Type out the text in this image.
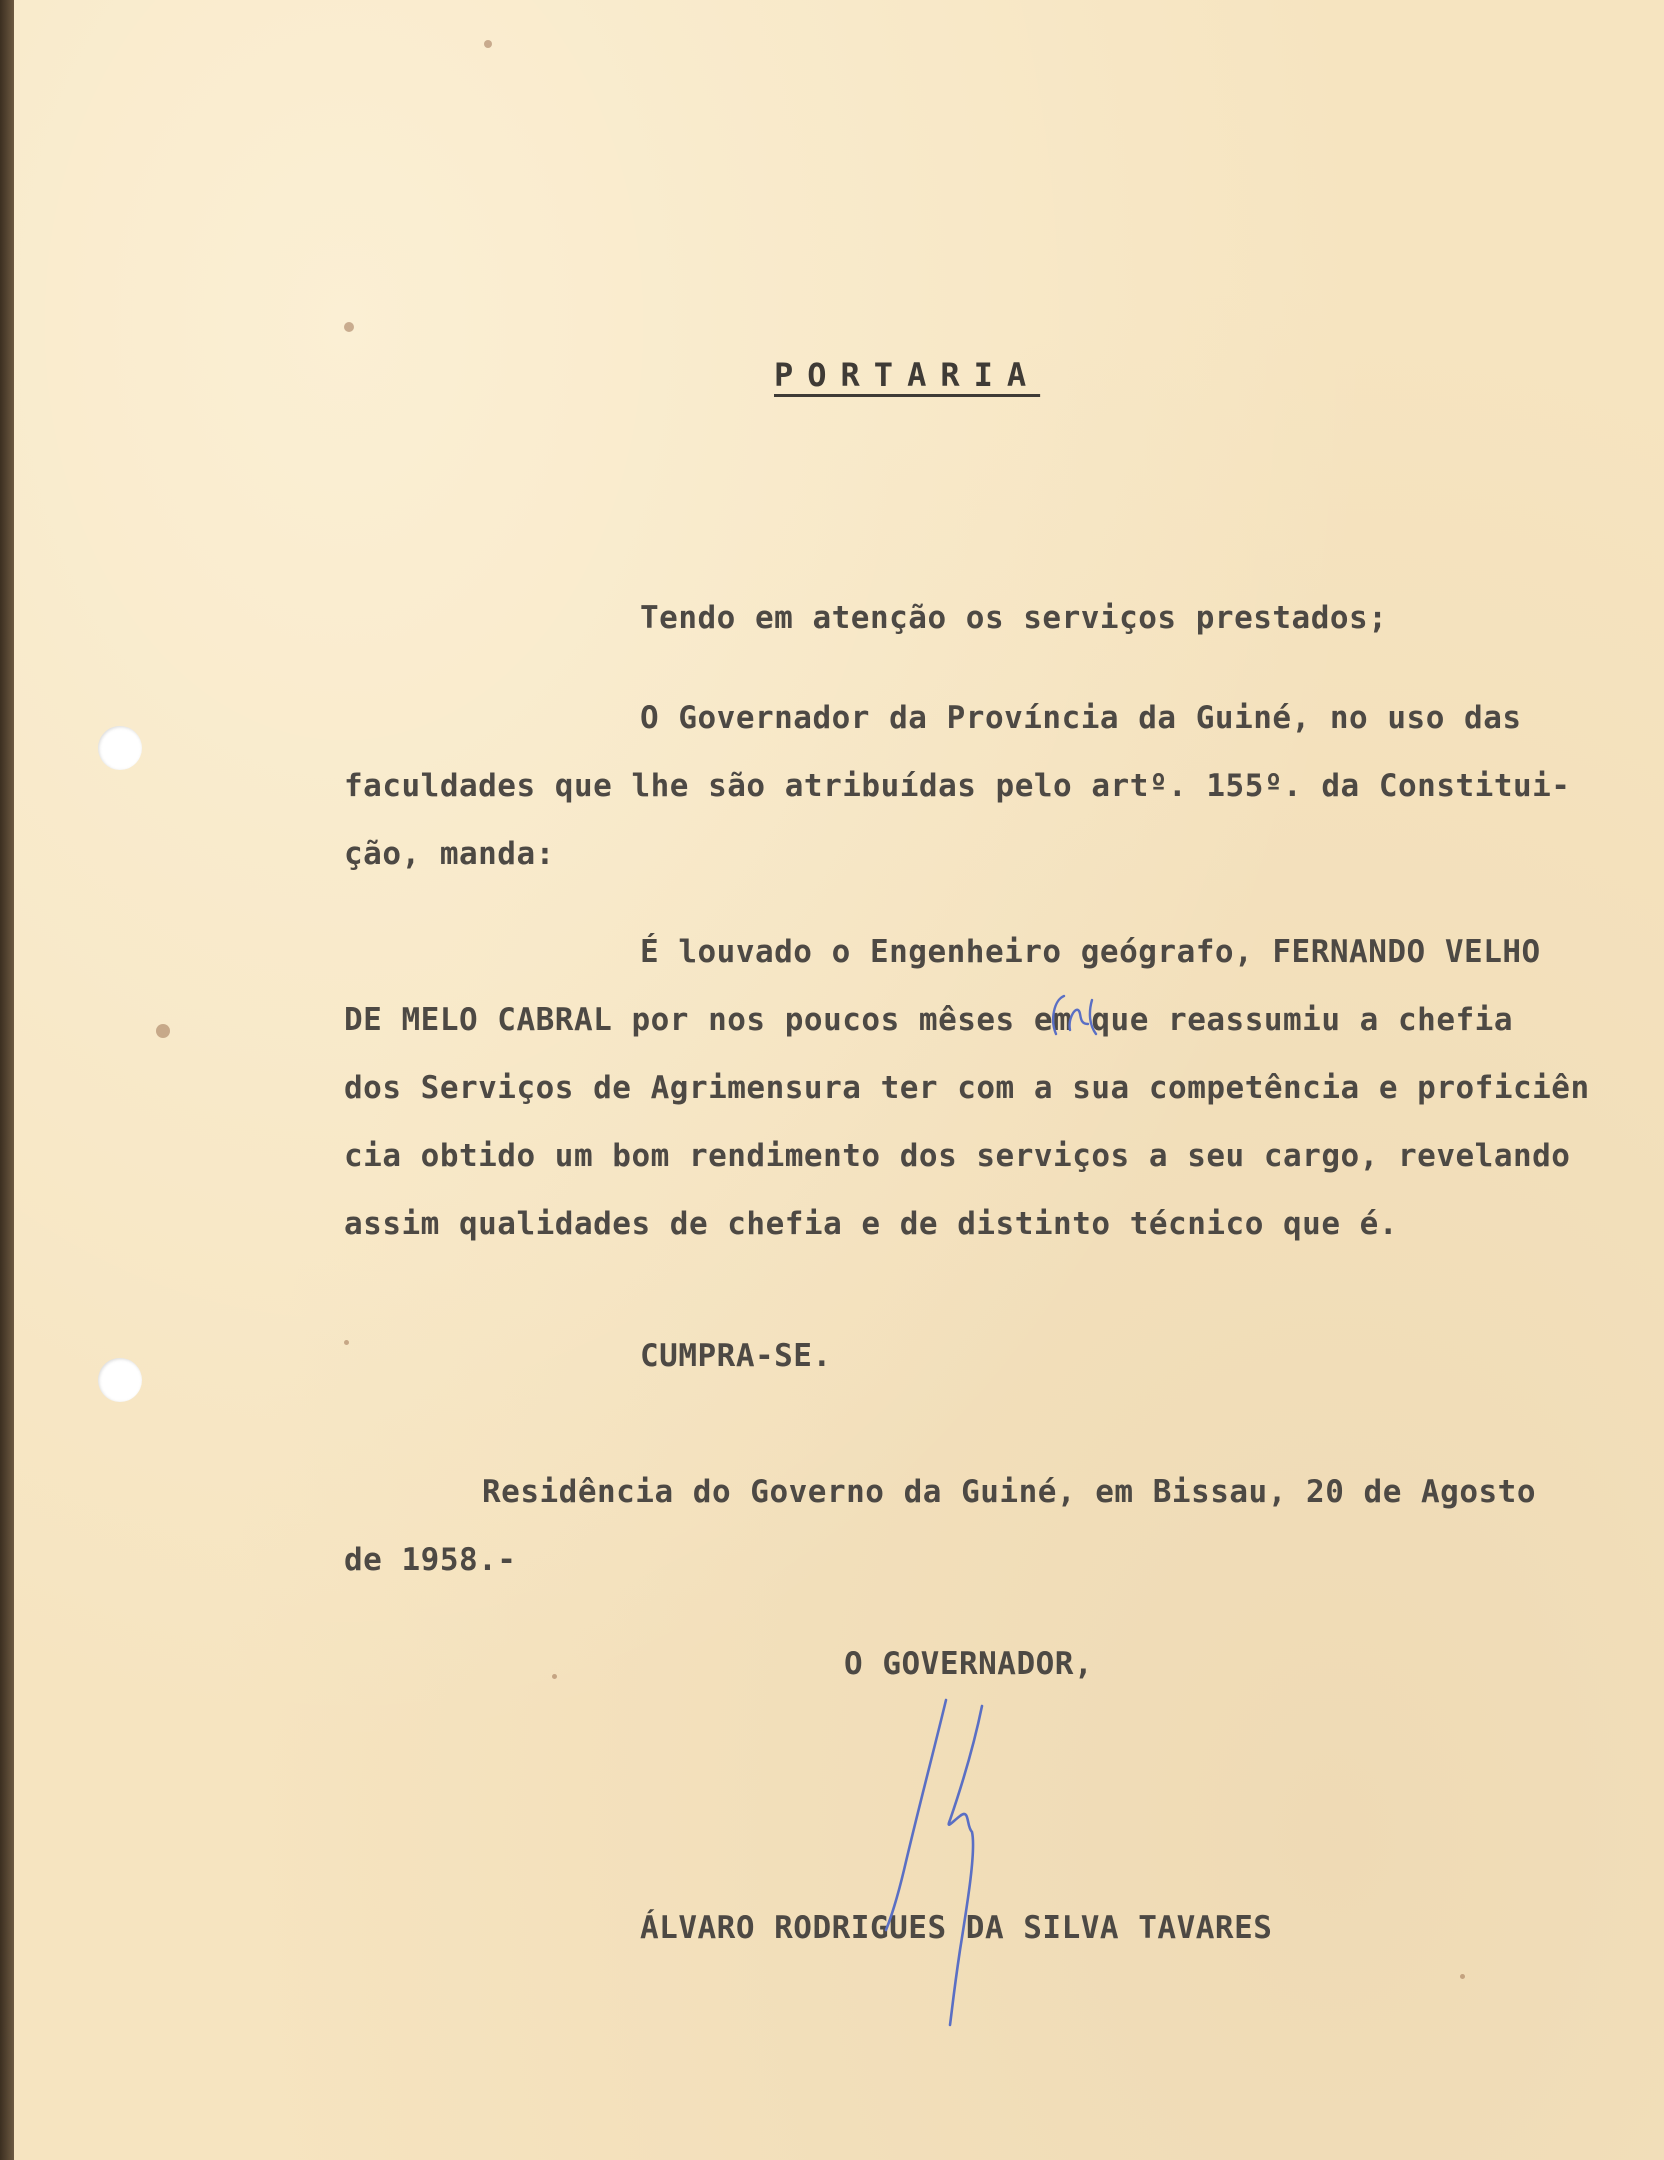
PORTARIA
Tendo em atenção os serviços prestados;
O Governador da Província da Guiné, no uso das
faculdades que lhe são atribuídas pelo artº. 155º. da Constitui-
ção, manda:
É louvado o Engenheiro geógrafo, FERNANDO VELHO
DE MELO CABRAL por nos poucos mêses em que reassumiu a chefia
dos Serviços de Agrimensura ter com a sua competência e proficiên
cia obtido um bom rendimento dos serviços a seu cargo, revelando
assim qualidades de chefia e de distinto técnico que é.
CUMPRA-SE.
Residência do Governo da Guiné, em Bissau, 20 de Agosto
de 1958.-
O GOVERNADOR,
ÁLVARO RODRIGUES DA SILVA TAVARES
